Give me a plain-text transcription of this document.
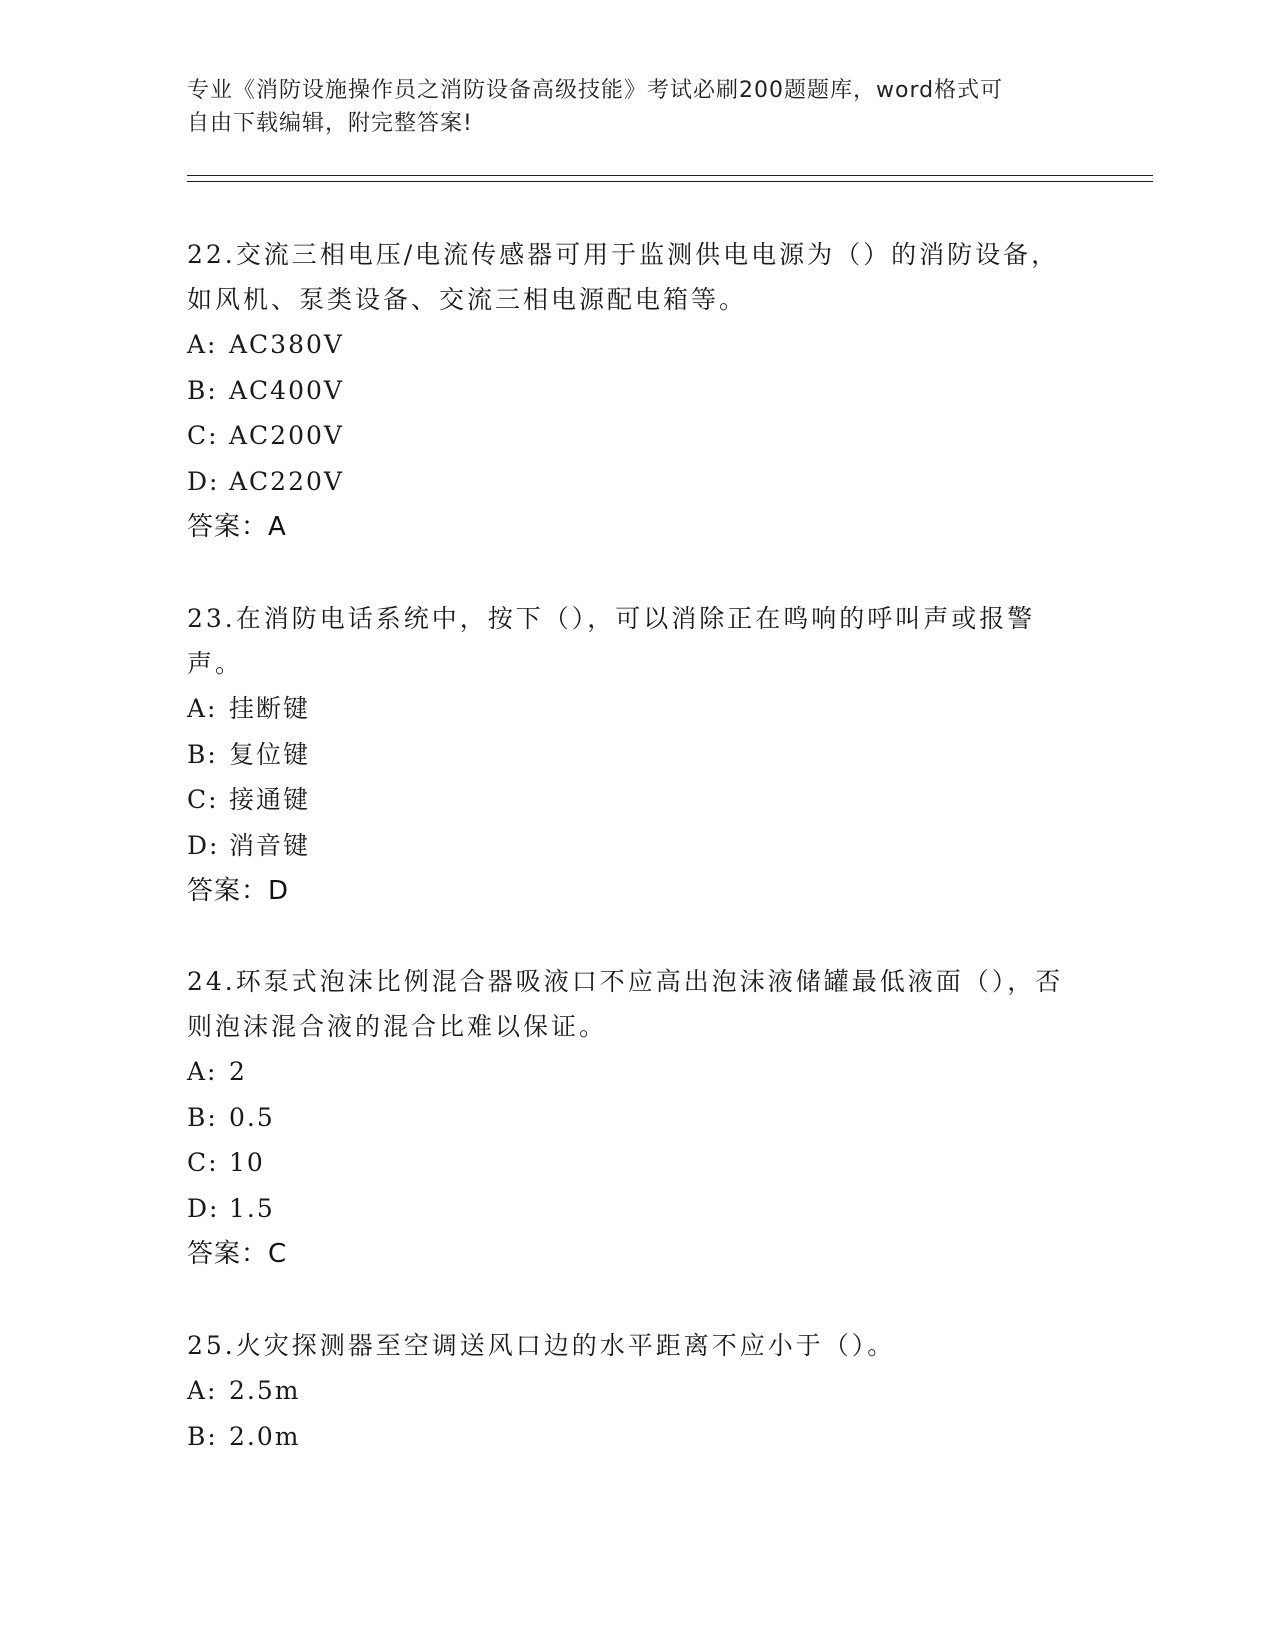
专业《消防设施操作员之消防设备高级技能》考试必刷200题题库，word格式可
自由下载编辑，附完整答案!
22.交流三相电压/电流传感器可用于监测供电电源为（）的消防设备，如风机、泵类设备、交流三相电源配电箱等。
A: AC380V
B: AC400V
C: AC200V
D: AC220V
答案：A
23.在消防电话系统中，按下（），可以消除正在鸣响的呼叫声或报警声。
A: 挂断键
B: 复位键
C: 接通键
D: 消音键
答案：D
24.环泵式泡沫比例混合器吸液口不应高出泡沫液储罐最低液面（），否则泡沫混合液的混合比难以保证。
A: 2
B: 0.5
C: 10
D: 1.5
答案：C
25.火灾探测器至空调送风口边的水平距离不应小于（）。
A: 2.5m
B: 2.0m
